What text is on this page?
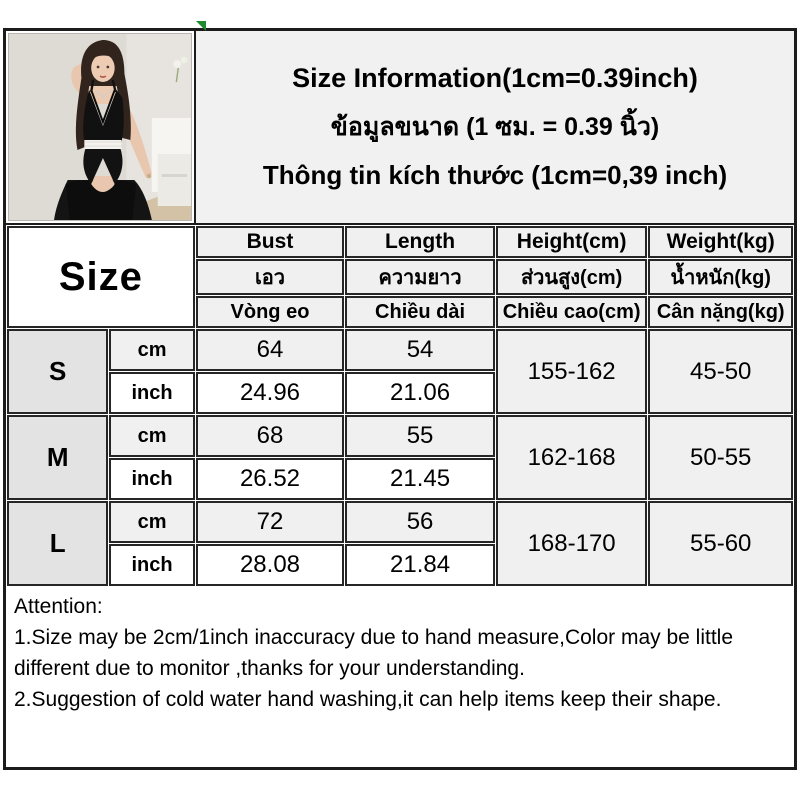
Size Information(1cm=0.39inch)
ข้อมูลขนาด (1 ซม. = 0.39 นิ้ว)
Thông tin kích thước (1cm=0,39 inch)
Size		Bust	Length	Height(cm)	Weight(kg)
		เอว	ความยาว	ส่วนสูง(cm)	น้ำหนัก(kg)
		Vòng eo	Chiều dài	Chiều cao(cm)	Cân nặng(kg)
S	cm	64	54	155-162	45-50
	inch	24.96	21.06		
M	cm	68	55	162-168	50-55
	inch	26.52	21.45		
L	cm	72	56	168-170	55-60
	inch	28.08	21.84		

Attention:

1.Size may be 2cm/1inch inaccuracy due to hand measure,Color may be little different due to monitor ,thanks for your understanding.

2.Suggestion of cold water hand washing,it can help items keep their shape.
